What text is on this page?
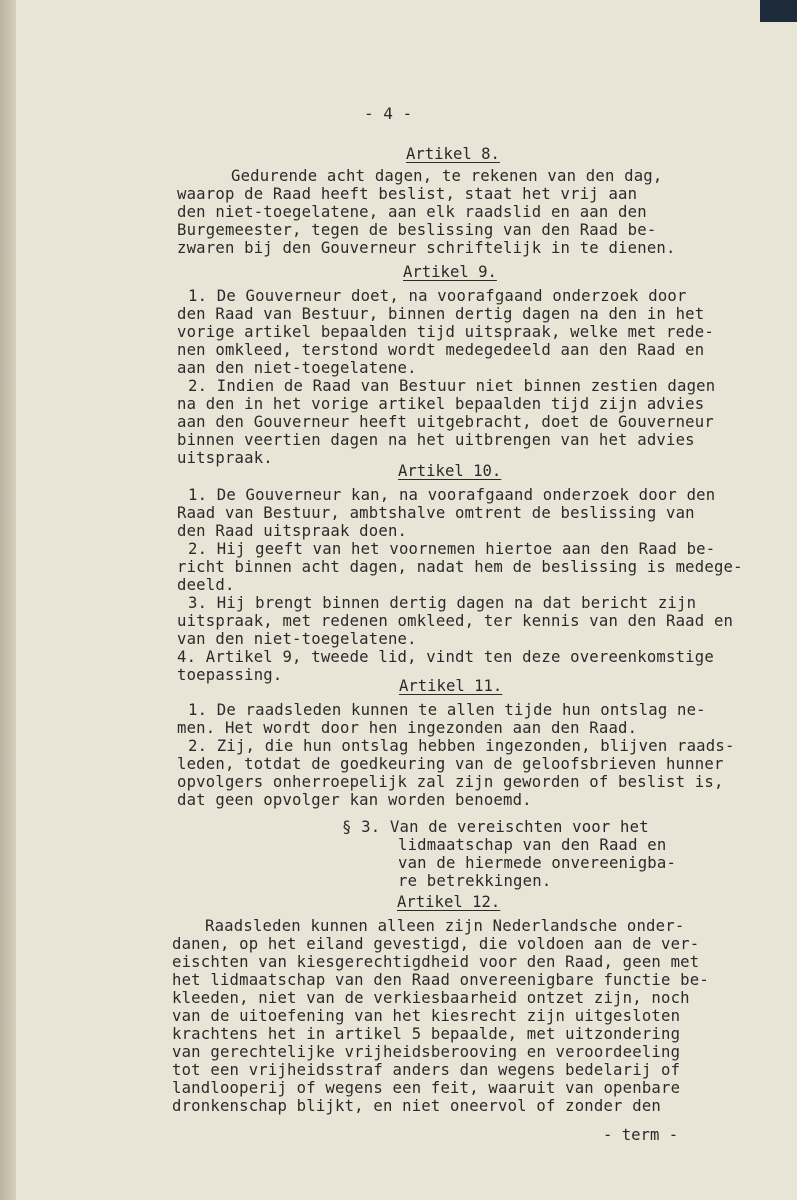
- 4 -

Artikel 8.

Gedurende acht dagen, te rekenen van den dag,

waarop de Raad heeft beslist, staat het vrij aan

den niet-toegelatene, aan elk raadslid en aan den

Burgemeester, tegen de beslissing van den Raad be-

zwaren bij den Gouverneur schriftelijk in te dienen.

Artikel 9.

1. De Gouverneur doet, na voorafgaand onderzoek door

den Raad van Bestuur, binnen dertig dagen na den in het

vorige artikel bepaalden tijd uitspraak, welke met rede-

nen omkleed, terstond wordt medegedeeld aan den Raad en

aan den niet-toegelatene.

2. Indien de Raad van Bestuur niet binnen zestien dagen

na den in het vorige artikel bepaalden tijd zijn advies

aan den Gouverneur heeft uitgebracht, doet de Gouverneur

binnen veertien dagen na het uitbrengen van het advies

uitspraak.

Artikel 10.

1. De Gouverneur kan, na voorafgaand onderzoek door den

Raad van Bestuur, ambtshalve omtrent de beslissing van

den Raad uitspraak doen.

2. Hij geeft van het voornemen hiertoe aan den Raad be-

richt binnen acht dagen, nadat hem de beslissing is medege-

deeld.

3. Hij brengt binnen dertig dagen na dat bericht zijn

uitspraak, met redenen omkleed, ter kennis van den Raad en

van den niet-toegelatene.

4. Artikel 9, tweede lid, vindt ten deze overeenkomstige

toepassing.

Artikel 11.

1. De raadsleden kunnen te allen tijde hun ontslag ne-

men. Het wordt door hen ingezonden aan den Raad.

2. Zij, die hun ontslag hebben ingezonden, blijven raads-

leden, totdat de goedkeuring van de geloofsbrieven hunner

opvolgers onherroepelijk zal zijn geworden of beslist is,

dat geen opvolger kan worden benoemd.

§ 3. Van de vereischten voor het

lidmaatschap van den Raad en

van de hiermede onvereenigba-

re betrekkingen.

Artikel 12.

Raadsleden kunnen alleen zijn Nederlandsche onder-

danen, op het eiland gevestigd, die voldoen aan de ver-

eischten van kiesgerechtigdheid voor den Raad, geen met

het lidmaatschap van den Raad onvereenigbare functie be-

kleeden, niet van de verkiesbaarheid ontzet zijn, noch

van de uitoefening van het kiesrecht zijn uitgesloten

krachtens het in artikel 5 bepaalde, met uitzondering

van gerechtelijke vrijheidsberooving en veroordeeling

tot een vrijheidsstraf anders dan wegens bedelarij of

landlooperij of wegens een feit, waaruit van openbare

dronkenschap blijkt, en niet oneervol of zonder den

- term -
